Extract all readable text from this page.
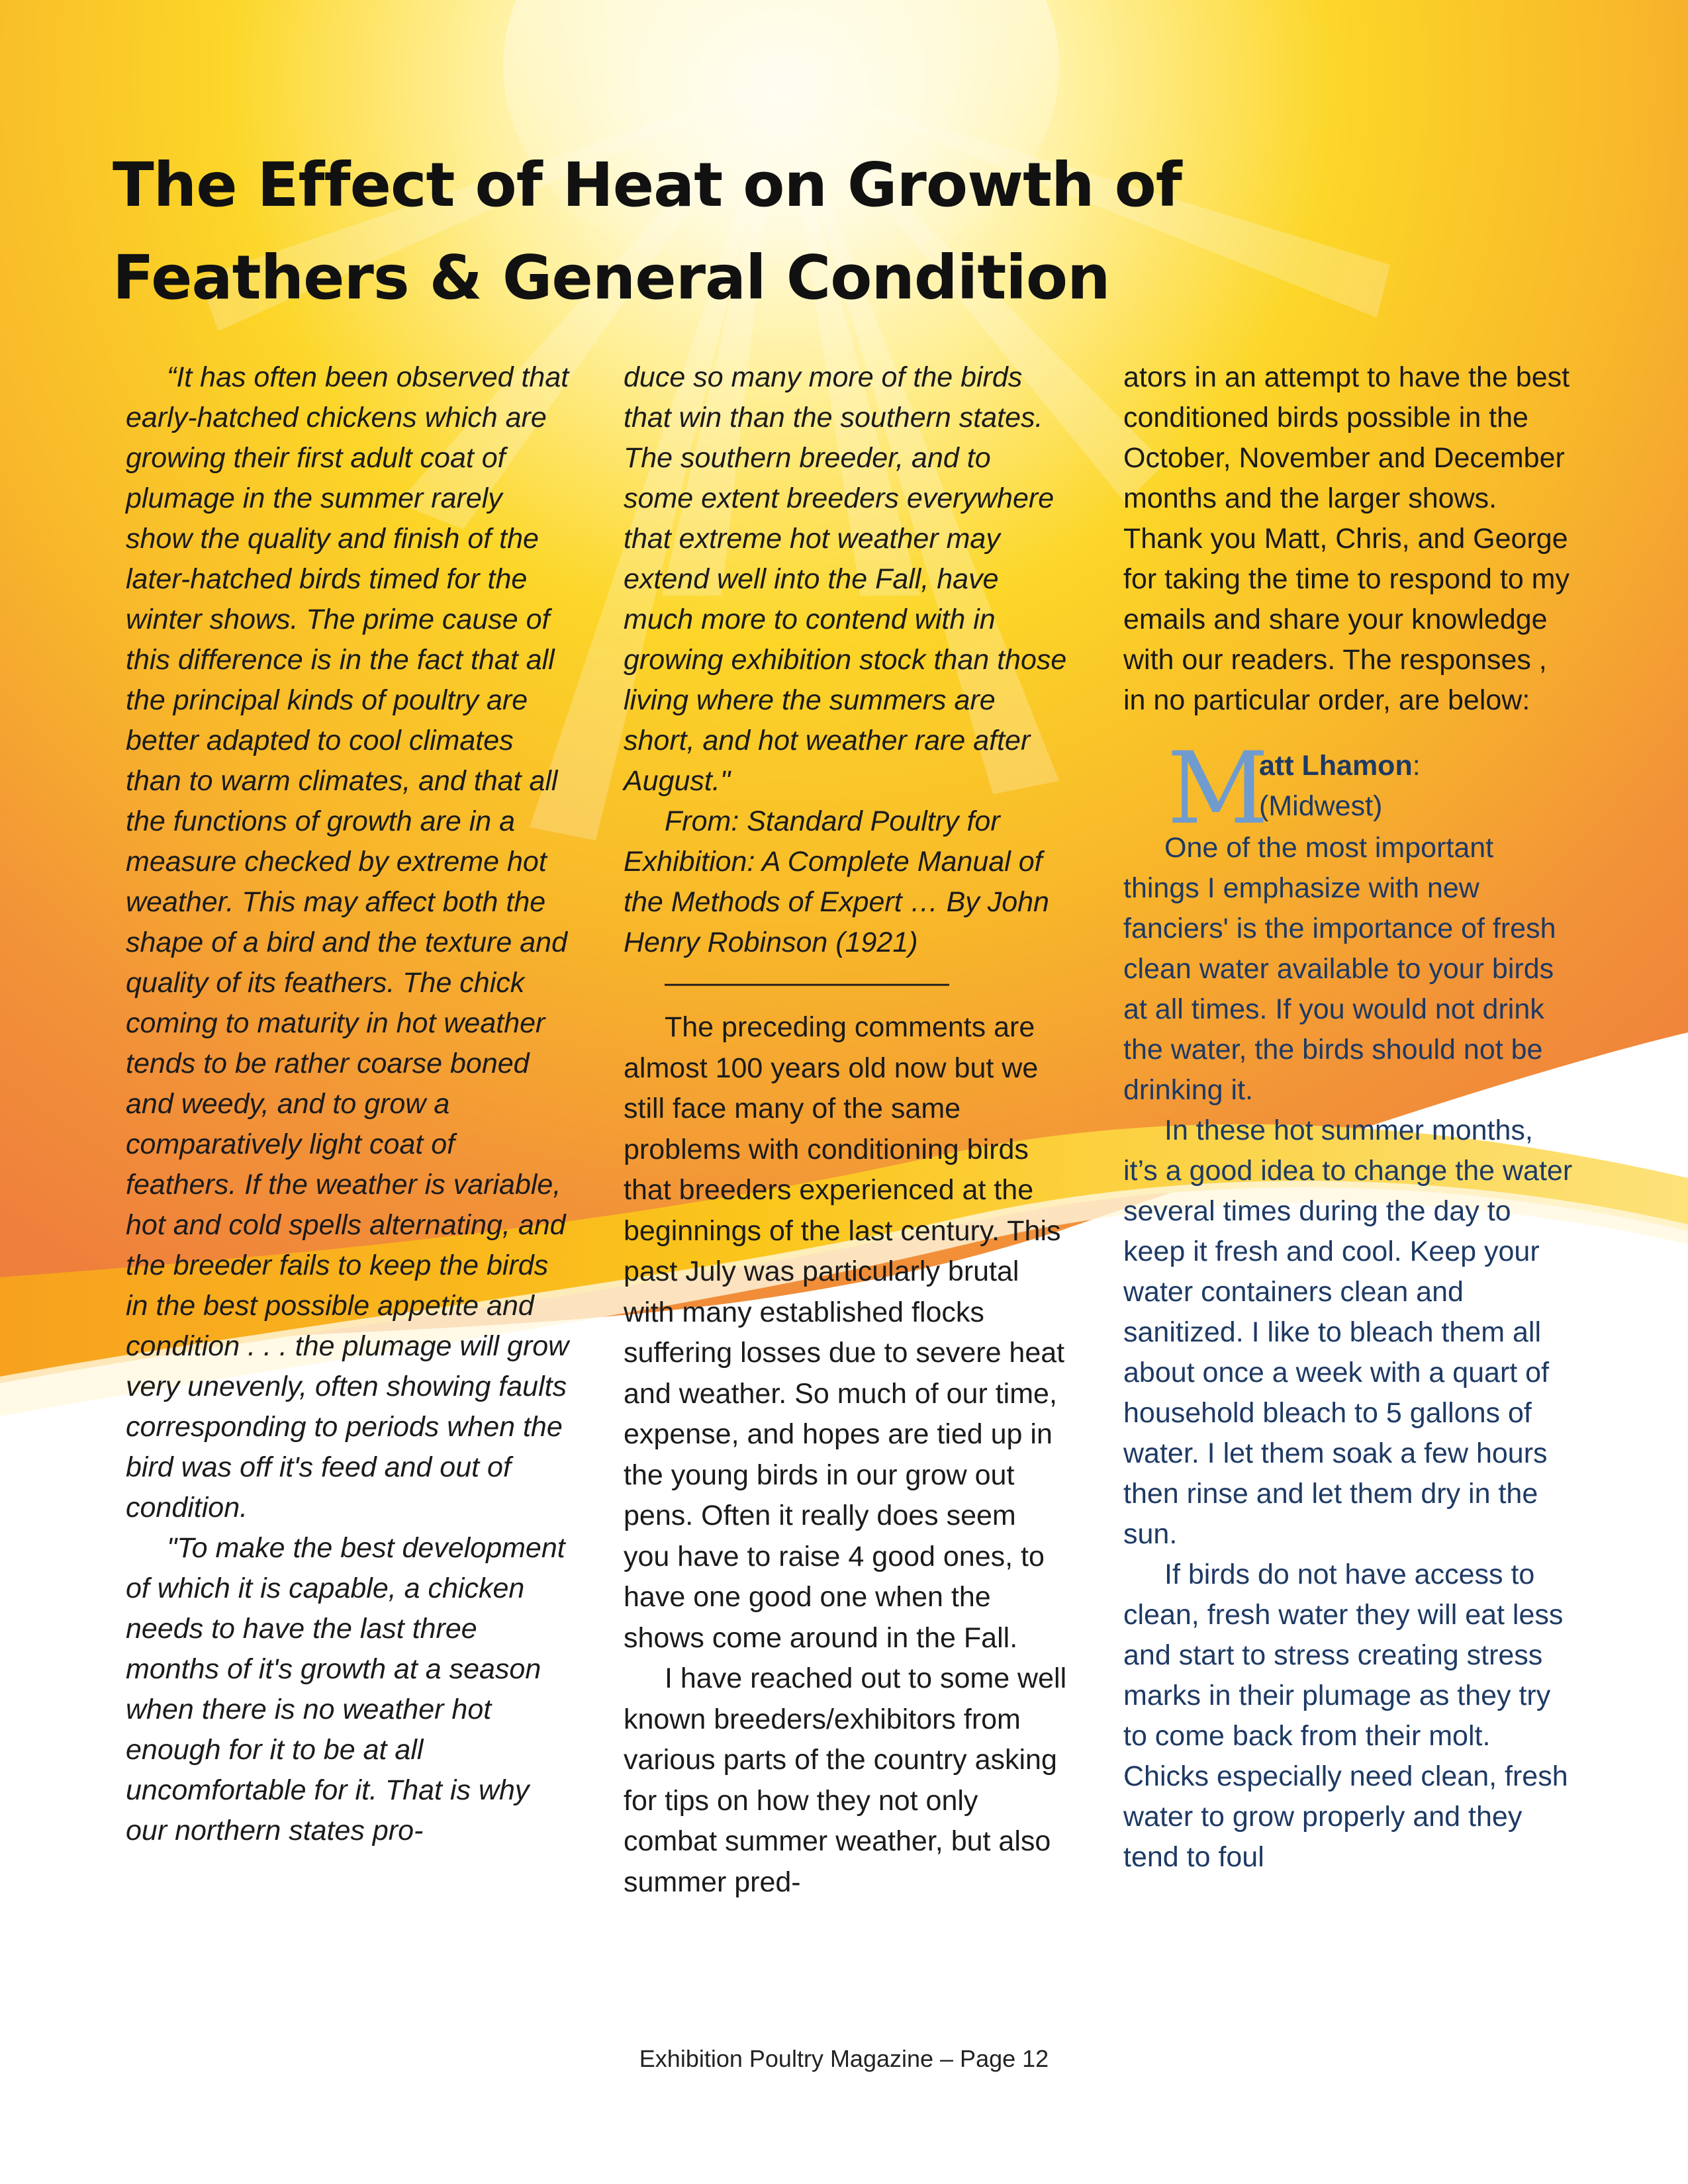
The Effect of Heat on Growth of
Feathers & General Condition

“It has often been observed that early-hatched chickens which are growing their first adult coat of plumage in the summer rarely show the quality and finish of the later-hatched birds timed for the winter shows. The prime cause of this difference is in the fact that all the principal kinds of poultry are better adapted to cool climates than to warm climates, and that all the functions of growth are in a measure checked by extreme hot weather. This may affect both the shape of a bird and the texture and quality of its feathers. The chick coming to maturity in hot weather tends to be rather coarse boned and weedy, and to grow a comparatively light coat of feathers. If the weather is variable, hot and cold spells alternating, and the breeder fails to keep the birds in the best possible appetite and condition . . . the plumage will grow very unevenly, often showing faults corresponding to periods when the bird was off it's feed and out of condition.

"To make the best development of which it is capable, a chicken needs to have the last three months of it's growth at a season when there is no weather hot enough for it to be at all uncomfortable for it. That is why our northern states pro-

duce so many more of the birds that win than the southern states. The southern breeder, and to some extent breeders everywhere that extreme hot weather may extend well into the Fall, have much more to contend with in growing exhibition stock than those living where the summers are short, and hot weather rare after August."

From: Standard Poultry for Exhibition: A Complete Manual of the Methods of Expert … By John Henry Robinson (1921)

——————————

The preceding comments are almost 100 years old now but we still face many of the same problems with conditioning birds that breeders experienced at the beginnings of the last century. This past July was particularly brutal with many established flocks suffering losses due to severe heat and weather. So much of our time, expense, and hopes are tied up in the young birds in our grow out pens. Often it really does seem you have to raise 4 good ones, to have one good one when the shows come around in the Fall.

I have reached out to some well known breeders/exhibitors from various parts of the country asking for tips on how they not only combat summer weather, but also summer pred-

ators in an attempt to have the best conditioned birds possible in the October, November and December months and the larger shows. Thank you Matt, Chris, and George for taking the time to respond to my emails and share your knowledge with our readers. The responses , in no particular order, are below:

M
att Lhamon:
(Midwest)

One of the most important things I emphasize with new fanciers' is the importance of fresh clean water available to your birds at all times. If you would not drink the water, the birds should not be drinking it.

In these hot summer months, it’s a good idea to change the water several times during the day to keep it fresh and cool. Keep your water containers clean and sanitized. I like to bleach them all about once a week with a quart of household bleach to 5 gallons of water. I let them soak a few hours then rinse and let them dry in the sun.

If birds do not have access to clean, fresh water they will eat less and start to stress creating stress marks in their plumage as they try to come back from their molt. Chicks especially need clean, fresh water to grow properly and they tend to foul

Exhibition Poultry Magazine – Page 12
